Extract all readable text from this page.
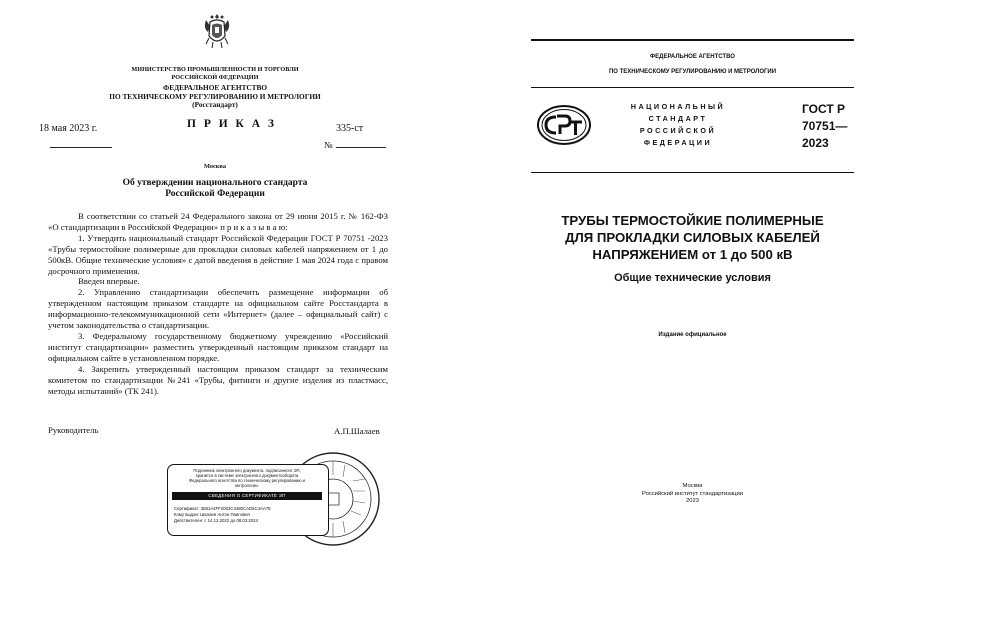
МИНИСТЕРСТВО ПРОМЫШЛЕННОСТИ И ТОРГОВЛИ
РОССИЙСКОЙ ФЕДЕРАЦИИ
ФЕДЕРАЛЬНОЕ АГЕНТСТВО
ПО ТЕХНИЧЕСКОМУ РЕГУЛИРОВАНИЮ И МЕТРОЛОГИИ
(Росстандарт)
18 мая 2023 г.	П Р И К А З	335-ст
№
Москва
Об утверждении национального стандарта
Российской Федерации

В соответствии со статьей 24 Федерального закона от 29 июня 2015 г. № 162-ФЗ «О стандартизации в Российской Федерации» п р и к а з ы в а ю:

1. Утвердить национальный стандарт Российской Федерации ГОСТ Р 70751 -2023 «Трубы термостойкие полимерные для прокладки силовых кабелей напряжением от 1 до 500кВ. Общие технические условия» с датой введения в действие 1 мая 2024 года с правом досрочного применения.

Введен впервые.

2. Управлению стандартизации обеспечить размещение информации об утвержденном настоящим приказом стандарте на официальном сайте Росстандарта в информационно-телекоммуникационной сети «Интернет» (далее – официальный сайт) с учетом законодательства о стандартизации.

3. Федеральному государственному бюджетному учреждению «Российский институт стандартизации» разместить утвержденный настоящим приказом стандарт на официальном сайте в установленном порядке.

4. Закрепить утвержденный настоящим приказом стандарт за техническим комитетом по стандартизации №241 «Трубы, фитинги и другие изделия из пластмасс, методы испытаний» (ТК 241).

Руководитель	А.П.Шалаев
Подлинник электронного документа, подписанного ЭП,
хранится в системе электронного документооборота
Федерального агентства по техническому регулированию и
метрологии.
СВЕДЕНИЯ О СЕРТИФИКАТЕ ЭП
Сертификат: 3581A4FF2083C4480CAD5C4AA7E
Кому выдан: Шалаев Антон Павлович
Действителен: с 14.12.2022 до 08.03.2024
ФЕДЕРАЛЬНОЕ АГЕНТСТВО
ПО ТЕХНИЧЕСКОМУ РЕГУЛИРОВАНИЮ И МЕТРОЛОГИИ
НАЦИОНАЛЬНЫЙ
СТАНДАРТ
РОССИЙСКОЙ
ФЕДЕРАЦИИ
ГОСТ Р
70751—
2023
ТРУБЫ ТЕРМОСТОЙКИЕ ПОЛИМЕРНЫЕ
ДЛЯ ПРОКЛАДКИ СИЛОВЫХ КАБЕЛЕЙ
НАПРЯЖЕНИЕМ от 1 до 500 кВ
Общие технические условия
Издание официальное
Москва
Российский институт стандартизации
2023
